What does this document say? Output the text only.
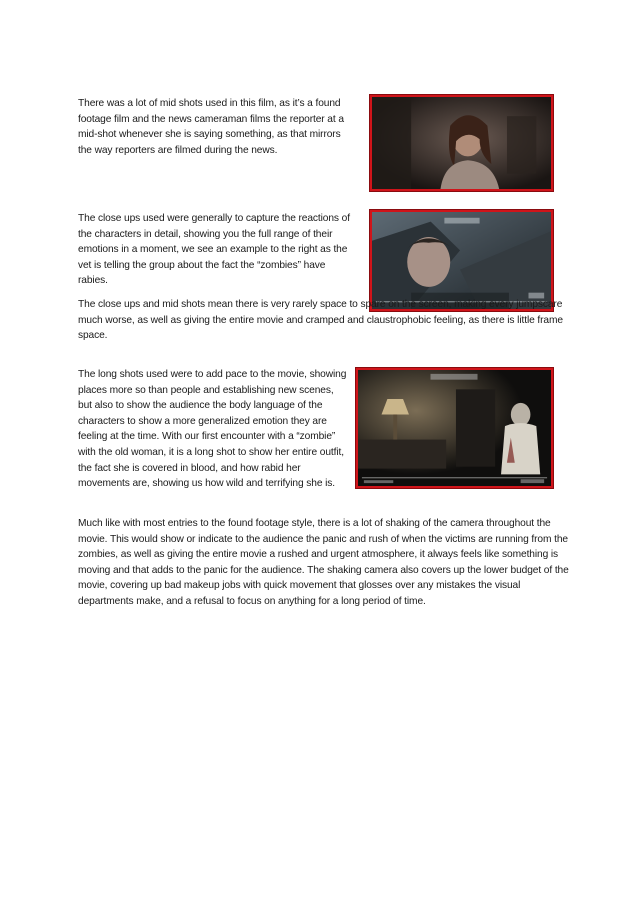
There was a lot of mid shots used in this film, as it’s a found footage film and the news cameraman films the reporter at a mid-shot whenever she is saying something, as that mirrors the way reporters are filmed during the news.

The close ups used were generally to capture the reactions of the characters in detail, showing you the full range of their emotions in a moment, we see an example to the right as the vet is telling the group about the fact the “zombies” have rabies.

The close ups and mid shots mean there is very rarely space to spare on the screen, making every jumpscare much worse, as well as giving the entire movie and cramped and claustrophobic feeling, as there is little frame space.

The long shots used were to add pace to the movie, showing places more so than people and establishing new scenes, but also to show the audience the body language of the characters to show a more generalized emotion they are feeling at the time. With our first encounter with a “zombie” with the old woman, it is a long shot to show her entire outfit, the fact she is covered in blood, and how rabid her movements are, showing us how wild and terrifying she is.

Much like with most entries to the found footage style, there is a lot of shaking of the camera throughout the movie. This would show or indicate to the audience the panic and rush of when the victims are running from the zombies, as well as giving the entire movie a rushed and urgent atmosphere, it always feels like something is moving and that adds to the panic for the audience. The shaking camera also covers up the lower budget of the movie, covering up bad makeup jobs with quick movement that glosses over any mistakes the visual departments make, and a refusal to focus on anything for a long period of time.
